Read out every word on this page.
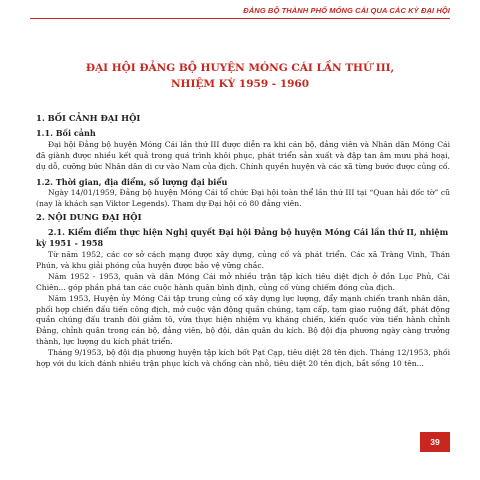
ĐẢNG BỘ THÀNH PHỐ MÓNG CÁI QUA CÁC KỲ ĐẠI HỘI
ĐẠI HỘI ĐẢNG BỘ HUYỆN MÓNG CÁI LẦN THỨ III,
NHIỆM KỲ 1959 - 1960
1. BỐI CẢNH ĐẠI HỘI
1.1. Bối cảnh

Đại hội Đảng bộ huyện Móng Cái lần thứ III được diễn ra khi cán bộ, đảng viên và Nhân dân Móng Cái đã giành được nhiều kết quả trong quá trình khôi phục, phát triển sản xuất và đập tan âm mưu phá hoại, dụ dỗ, cưỡng bức Nhân dân di cư vào Nam của địch. Chính quyền huyện và các xã từng bước được củng cố.

1.2. Thời gian, địa điểm, số lượng đại biểu

Ngày 14/01/1959, Đảng bộ huyện Móng Cái tổ chức Đại hội toàn thể lần thứ III tại “Quan hải đốc tờ” cũ (nay là khách sạn Viktor Legends). Tham dự Đại hội có 80 đảng viên.

2. NỘI DUNG ĐẠI HỘI
2.1. Kiểm điểm thực hiện Nghị quyết Đại hội Đảng bộ huyện Móng Cái lần thứ II, nhiệm kỳ 1951 - 1958

Từ năm 1952, các cơ sở cách mạng được xây dựng, củng cố và phát triển. Các xã Tràng Vinh, Thán Phún, và khu giải phóng của huyện được bảo vệ vững chắc.

Năm 1952 - 1953, quân và dân Móng Cái mở nhiều trận tập kích tiêu diệt địch ở đồn Lục Phủ, Cái Chiên... góp phần phá tan các cuộc hành quân bình định, củng cố vùng chiếm đóng của địch.

Năm 1953, Huyện ủy Móng Cái tập trung củng cố xây dựng lực lượng, đẩy mạnh chiến tranh nhân dân, phối hợp chiến đấu tiến công địch, mở cuộc vận động quần chúng, tạm cấp, tạm giao ruộng đất, phát động quần chúng đấu tranh đòi giảm tô, vừa thực hiện nhiệm vụ kháng chiến, kiến quốc vừa tiến hành chỉnh Đảng, chỉnh quân trong cán bộ, đảng viên, bộ đội, dân quân du kích. Bộ đội địa phương ngày càng trưởng thành, lực lượng du kích phát triển.

Tháng 9/1953, bộ đội địa phương huyện tập kích bốt Pạt Cạp, tiêu diệt 28 tên địch. Tháng 12/1953, phối hợp với du kích đánh nhiều trận phục kích và chống càn nhỏ, tiêu diệt 20 tên địch, bắt sống 10 tên...

39
